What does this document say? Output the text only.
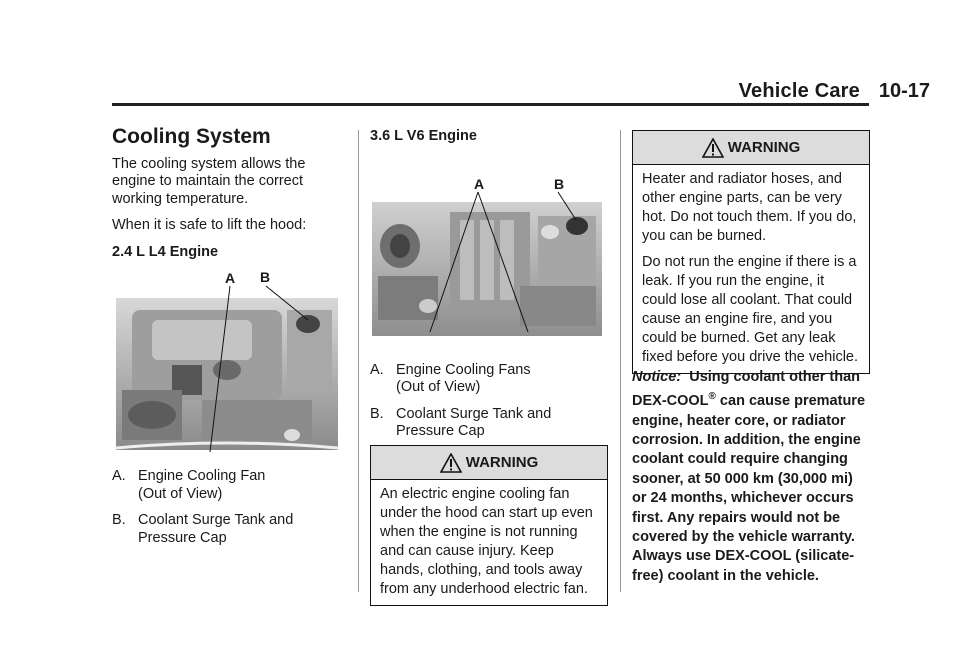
Vehicle Care 10-17
Cooling System

The cooling system allows the engine to maintain the correct working temperature.

When it is safe to lift the hood:

2.4 L L4 Engine

A B
A. Engine Cooling Fan (Out of View)
B. Coolant Surge Tank and Pressure Cap

3.6 L V6 Engine

A	B
A. Engine Cooling Fans (Out of View)
B. Coolant Surge Tank and Pressure Cap
WARNING

An electric engine cooling fan under the hood can start up even when the engine is not running and can cause injury. Keep hands, clothing, and tools away from any underhood electric fan.

WARNING

Heater and radiator hoses, and other engine parts, can be very hot. Do not touch them. If you do, you can be burned.

Do not run the engine if there is a leak. If you run the engine, it could lose all coolant. That could cause an engine fire, and you could be burned. Get any leak fixed before you drive the vehicle.

Notice: Using coolant other than DEX-COOL® can cause premature engine, heater core, or radiator corrosion. In addition, the engine coolant could require changing sooner, at 50 000 km (30,000 mi) or 24 months, whichever occurs first. Any repairs would not be covered by the vehicle warranty. Always use DEX-COOL (silicate-free) coolant in the vehicle.
